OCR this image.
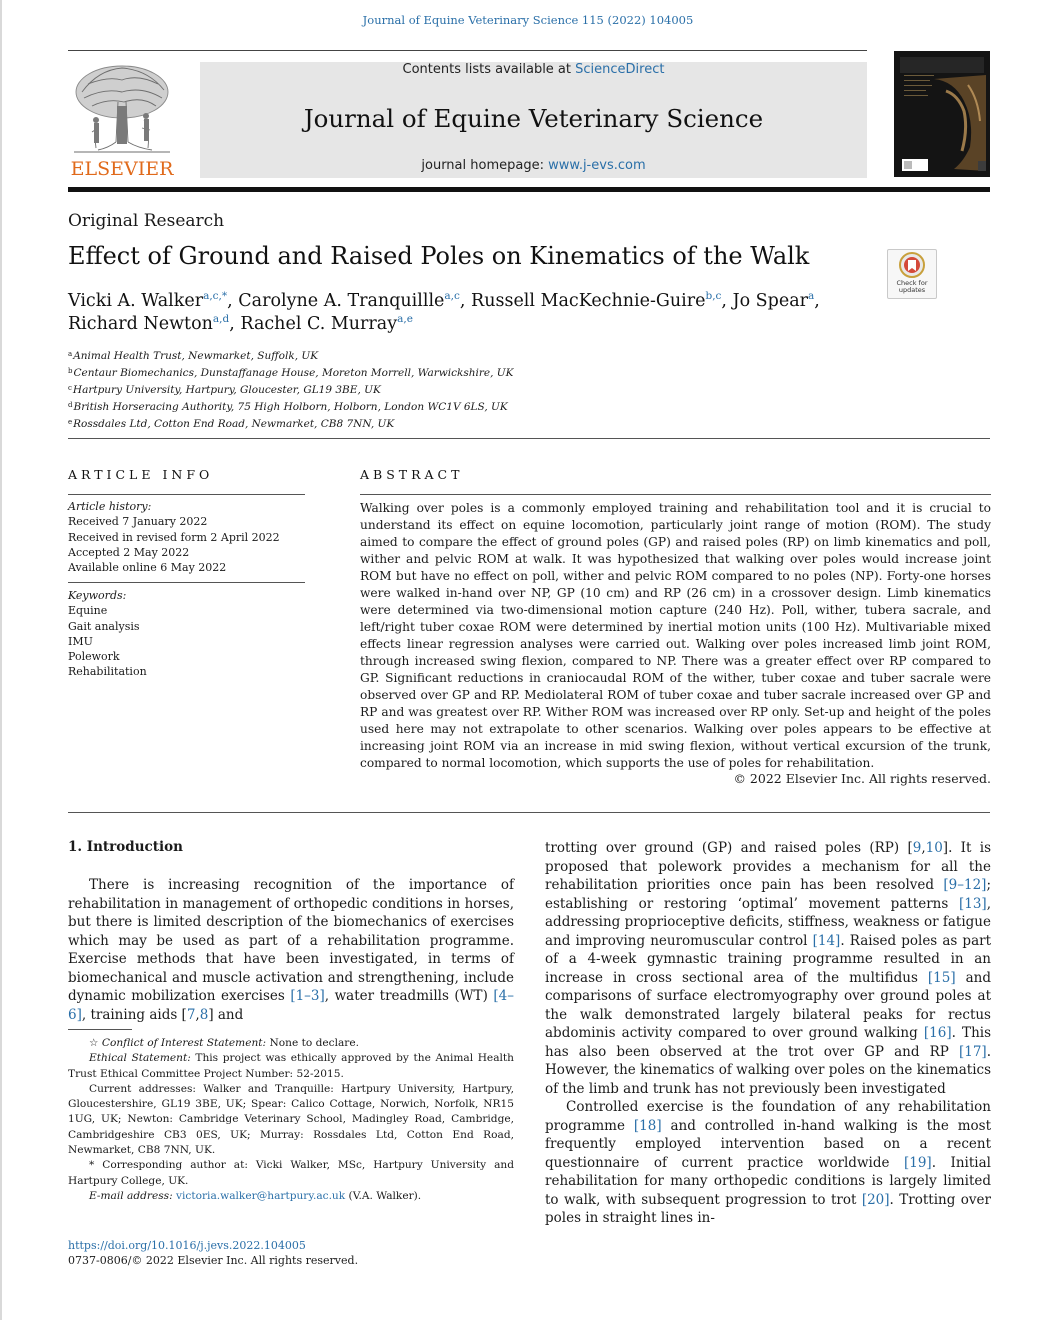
Journal of Equine Veterinary Science 115 (2022) 104005
ELSEVIER
Contents lists available at ScienceDirect
Journal of Equine Veterinary Science
journal homepage: www.j-evs.com
Original Research
Effect of Ground and Raised Poles on Kinematics of the Walk
Check for updates
Vicki A. Walker$^{a,c,*}$, Carolyne A. Tranquillle$^{a,c}$, Russell MacKechnie-Guire$^{b,c}$, Jo Spear$^a$,
Richard Newton$^{a,d}$, Rachel C. Murray$^{a,e}$
$^a$Animal Health Trust, Newmarket, Suffolk, UK
$^b$Centaur Biomechanics, Dunstaffanage House, Moreton Morrell, Warwickshire, UK
$^c$Hartpury University, Hartpury, Gloucester, GL19 3BE, UK
$^d$British Horseracing Authority, 75 High Holborn, Holborn, London WC1V 6LS, UK
$^e$Rossdales Ltd, Cotton End Road, Newmarket, CB8 7NN, UK
ARTICLE INFO
Article history:
Received 7 January 2022
Received in revised form 2 April 2022
Accepted 2 May 2022
Available online 6 May 2022
Keywords:
Equine
Gait analysis
IMU
Polework
Rehabilitation
ABSTRACT
Walking over poles is a commonly employed training and rehabilitation tool and it is crucial to understand its effect on equine locomotion, particularly joint range of motion (ROM). The study aimed to compare the effect of ground poles (GP) and raised poles (RP) on limb kinematics and poll, wither and pelvic ROM at walk. It was hypothesized that walking over poles would increase joint ROM but have no effect on poll, wither and pelvic ROM compared to no poles (NP). Forty-one horses were walked in-hand over NP, GP (10 cm) and RP (26 cm) in a crossover design. Limb kinematics were determined via two-dimensional motion capture (240 Hz). Poll, wither, tubera sacrale, and left/right tuber coxae ROM were determined by inertial motion units (100 Hz). Multivariable mixed effects linear regression analyses were carried out. Walking over poles increased limb joint ROM, through increased swing flexion, compared to NP. There was a greater effect over RP compared to GP. Significant reductions in craniocaudal ROM of the wither, tuber coxae and tuber sacrale were observed over GP and RP. Mediolateral ROM of tuber coxae and tuber sacrale increased over GP and RP and was greatest over RP. Wither ROM was increased over RP only. Set-up and height of the poles used here may not extrapolate to other scenarios. Walking over poles appears to be effective at increasing joint ROM via an increase in mid swing flexion, without vertical excursion of the trunk, compared to normal locomotion, which supports the use of poles for rehabilitation.
© 2022 Elsevier Inc. All rights reserved.
1. Introduction

There is increasing recognition of the importance of rehabilitation in management of orthopedic conditions in horses, but there is limited description of the biomechanics of exercises which may be used as part of a rehabilitation programme. Exercise methods that have been investigated, in terms of biomechanical and muscle activation and strengthening, include dynamic mobilization exercises [1–3], water treadmills (WT) [4–6], training aids [7,8] and

trotting over ground (GP) and raised poles (RP) [9,10]. It is proposed that polework provides a mechanism for all the rehabilitation priorities once pain has been resolved [9–12]; establishing or restoring ‘optimal’ movement patterns [13], addressing proprioceptive deficits, stiffness, weakness or fatigue and improving neuromuscular control [14]. Raised poles as part of a 4-week gymnastic training programme resulted in an increase in cross sectional area of the multifidus [15] and comparisons of surface electromyography over ground poles at the walk demonstrated largely bilateral peaks for rectus abdominis activity compared to over ground walking [16]. This has also been observed at the trot over GP and RP [17]. However, the kinematics of walking over poles on the kinematics of the limb and trunk has not previously been investigated

Controlled exercise is the foundation of any rehabilitation programme [18] and controlled in-hand walking is the most frequently employed intervention based on a recent questionnaire of current practice worldwide [19]. Initial rehabilitation for many orthopedic conditions is largely limited to walk, with subsequent progression to trot [20]. Trotting over poles in straight lines in-

☆ Conflict of Interest Statement: None to declare.

Ethical Statement: This project was ethically approved by the Animal Health Trust Ethical Committee Project Number: 52-2015.

Current addresses: Walker and Tranquille: Hartpury University, Hartpury, Gloucestershire, GL19 3BE, UK; Spear: Calico Cottage, Norwich, Norfolk, NR15 1UG, UK; Newton: Cambridge Veterinary School, Madingley Road, Cambridge, Cambridgeshire CB3 0ES, UK; Murray: Rossdales Ltd, Cotton End Road, Newmarket, CB8 7NN, UK.

* Corresponding author at: Vicki Walker, MSc, Hartpury University and Hartpury College, UK.

E-mail address: victoria.walker@hartpury.ac.uk (V.A. Walker).

https://doi.org/10.1016/j.jevs.2022.104005
0737-0806/© 2022 Elsevier Inc. All rights reserved.
